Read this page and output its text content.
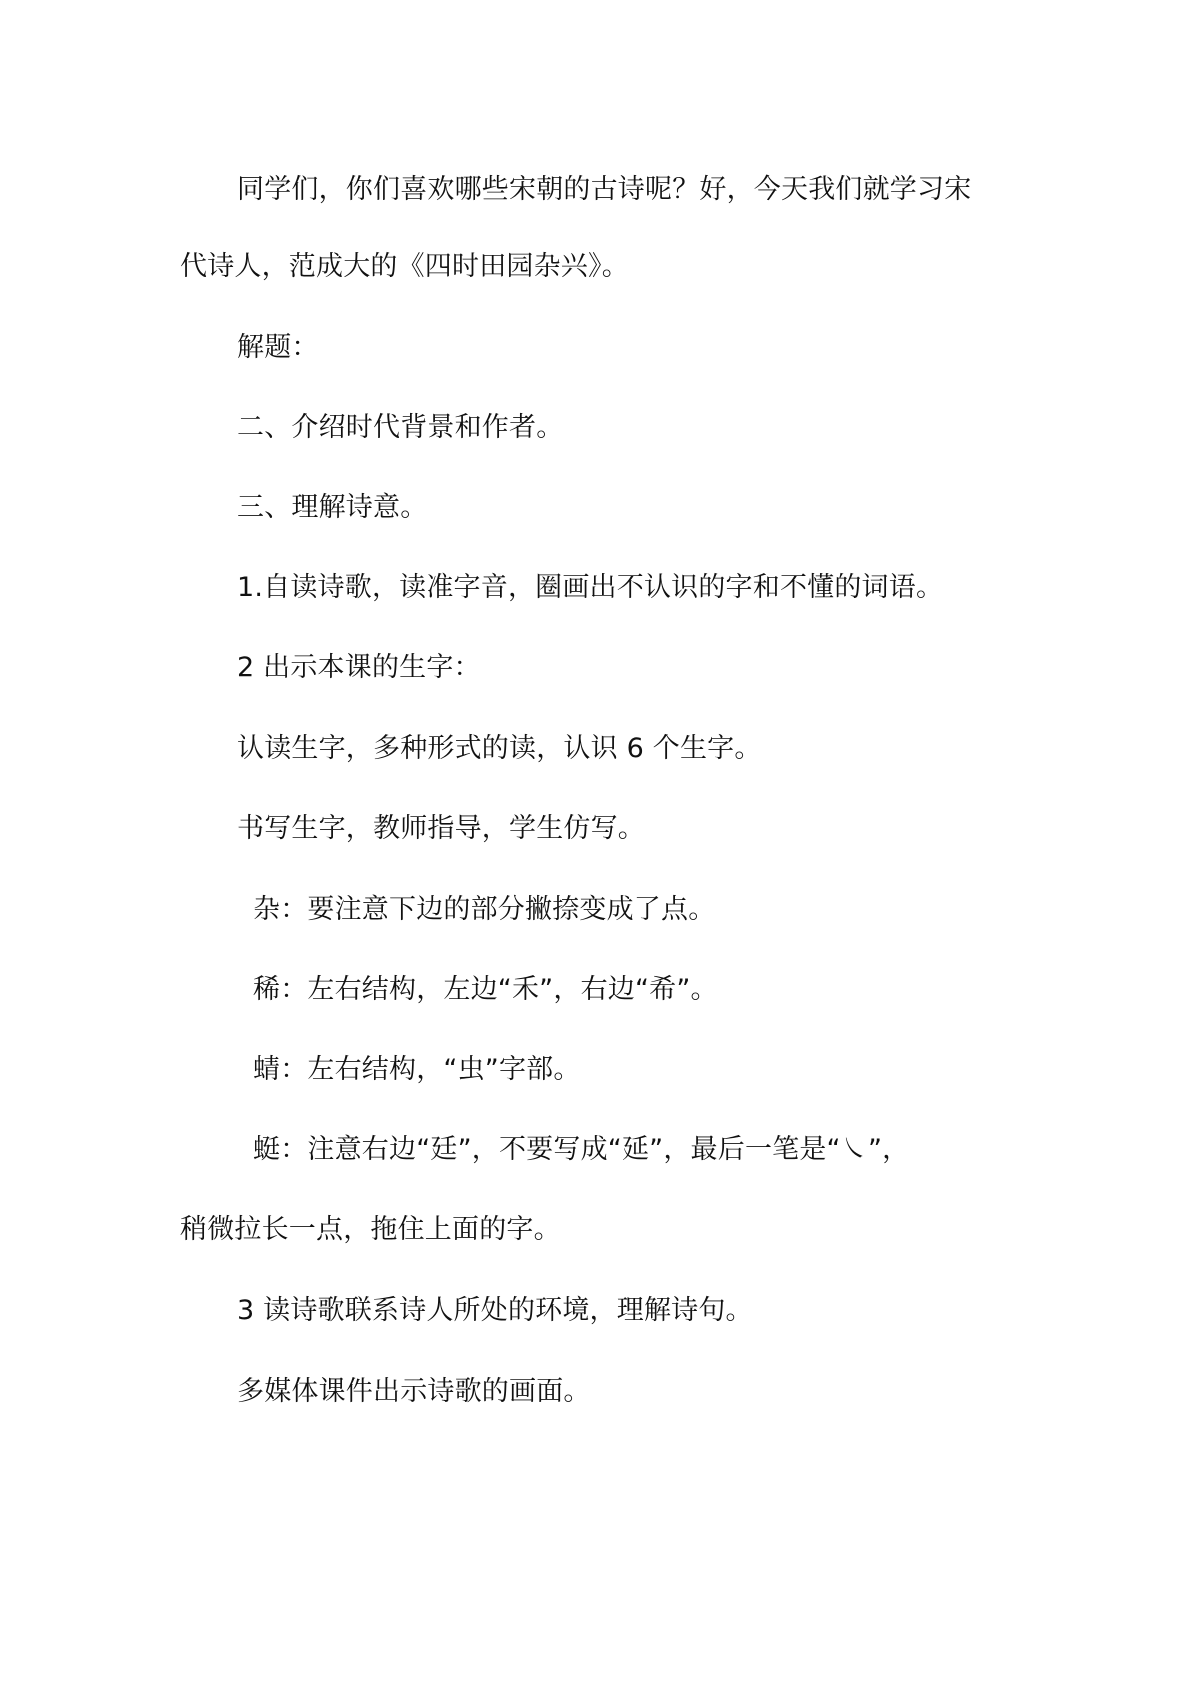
同学们，你们喜欢哪些宋朝的古诗呢？好，今天我们就学习宋
代诗人，范成大的《四时田园杂兴》。
解题：
二、介绍时代背景和作者。
三、理解诗意。
1.自读诗歌，读准字音，圈画出不认识的字和不懂的词语。
2 出示本课的生字：
认读生字，多种形式的读，认识 6 个生字。
书写生字，教师指导，学生仿写。
杂：要注意下边的部分撇捺变成了点。
稀：左右结构，左边“禾”，右边“希”。
蜻：左右结构，“虫”字部。
蜓：注意右边“廷”，不要写成“延”，最后一笔是“㇏”，
稍微拉长一点，拖住上面的字。
3 读诗歌联系诗人所处的环境，理解诗句。
多媒体课件出示诗歌的画面。
